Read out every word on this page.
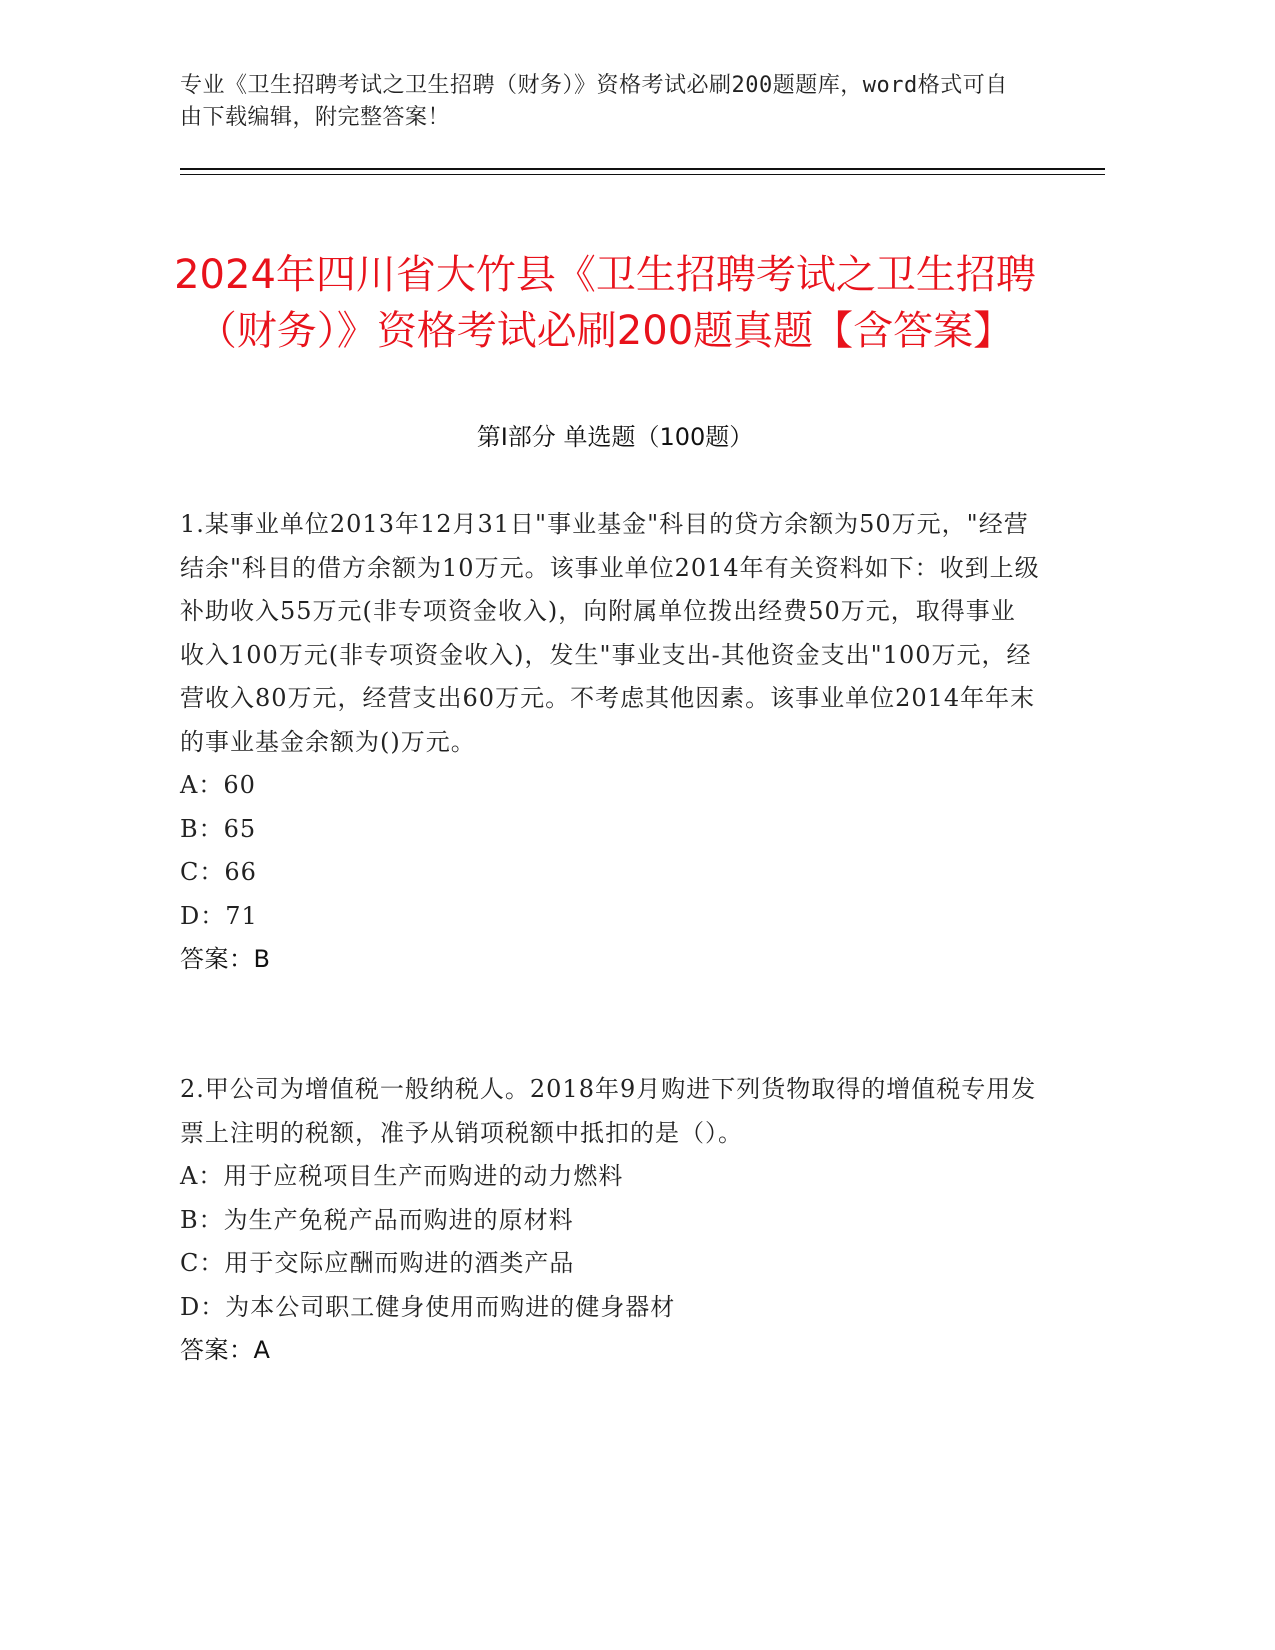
专业《卫生招聘考试之卫生招聘（财务）》资格考试必刷200题题库，word格式可自由下载编辑，附完整答案！
2024年四川省大竹县《卫生招聘考试之卫生招聘（财务）》资格考试必刷200题真题【含答案】
第I部分 单选题（100题）

1.某事业单位2013年12月31日"事业基金"科目的贷方余额为50万元，"经营结余"科目的借方余额为10万元。该事业单位2014年有关资料如下：收到上级补助收入55万元(非专项资金收入)，向附属单位拨出经费50万元，取得事业收入100万元(非专项资金收入)，发生"事业支出-其他资金支出"100万元，经营收入80万元，经营支出60万元。不考虑其他因素。该事业单位2014年年末的事业基金余额为()万元。

A：60

B：65

C：66

D：71

答案：B

2.甲公司为增值税一般纳税人。2018年9月购进下列货物取得的增值税专用发票上注明的税额，准予从销项税额中抵扣的是（）。

A：用于应税项目生产而购进的动力燃料

B：为生产免税产品而购进的原材料

C：用于交际应酬而购进的酒类产品

D：为本公司职工健身使用而购进的健身器材

答案：A
